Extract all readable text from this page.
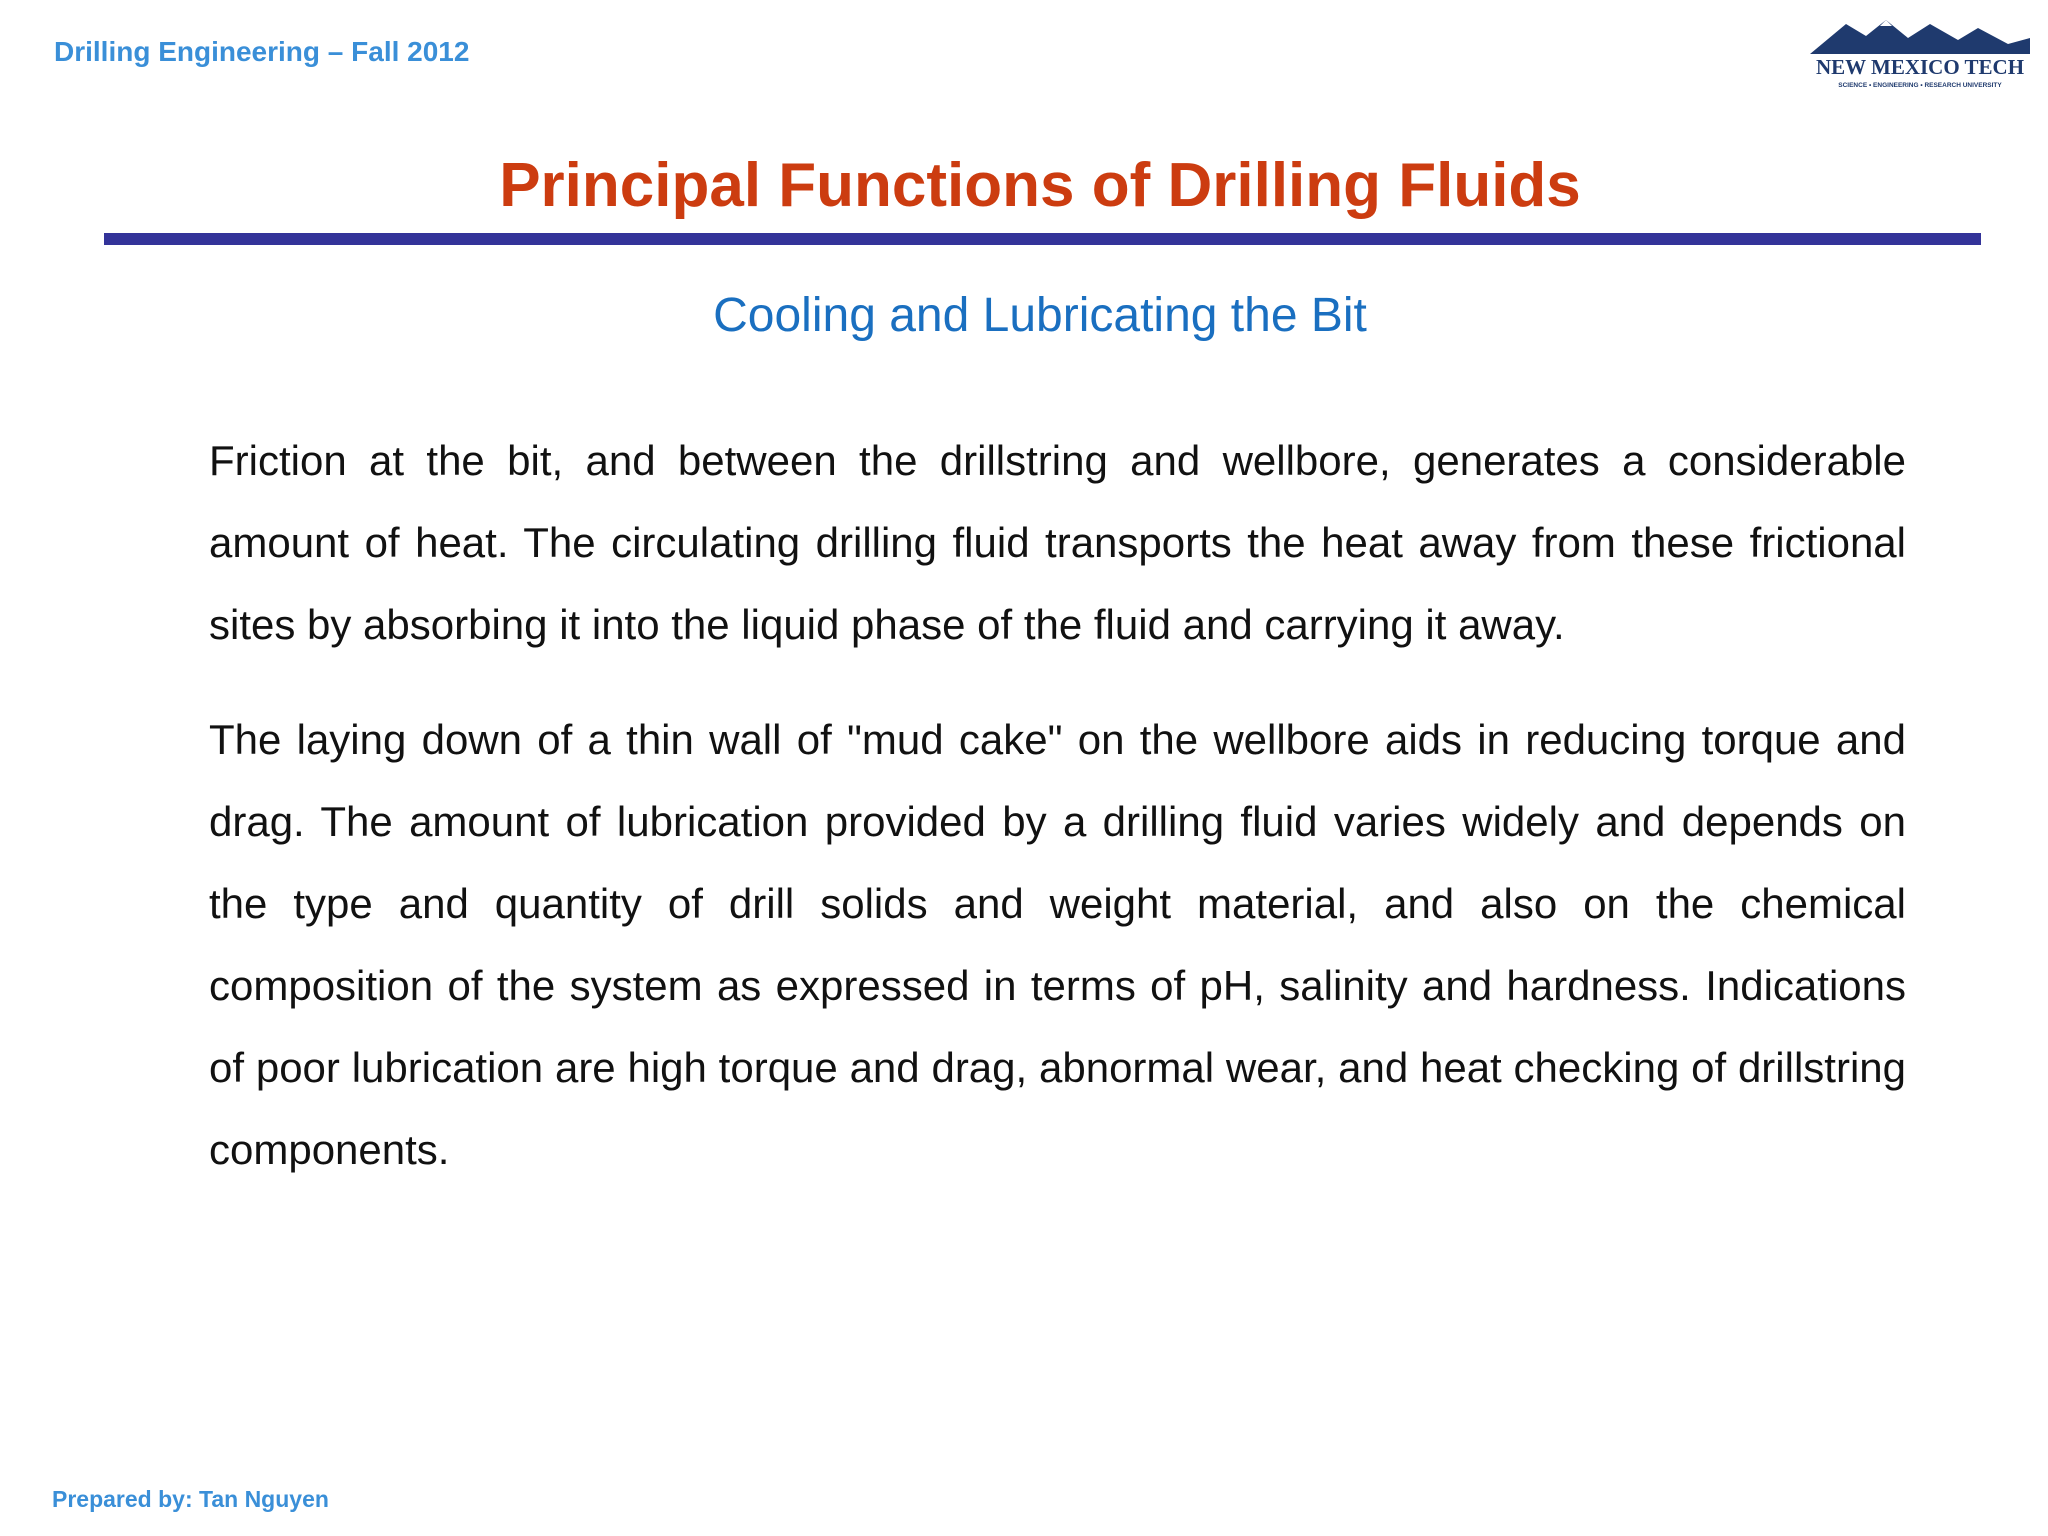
Drilling Engineering – Fall 2012	NEW MEXICO TECH
SCIENCE • ENGINEERING • RESEARCH UNIVERSITY
Principal Functions of Drilling Fluids
Cooling and Lubricating the Bit

Friction at the bit, and between the drillstring and wellbore, generates a considerable amount of heat. The circulating drilling fluid transports the heat away from these frictional sites by absorbing it into the liquid phase of the fluid and carrying it away.

The laying down of a thin wall of "mud cake" on the wellbore aids in reducing torque and drag. The amount of lubrication provided by a drilling fluid varies widely and depends on the type and quantity of drill solids and weight material, and also on the chemical composition of the system as expressed in terms of pH, salinity and hardness. Indications of poor lubrication are high torque and drag, abnormal wear, and heat checking of drillstring components.

Prepared by: Tan Nguyen
